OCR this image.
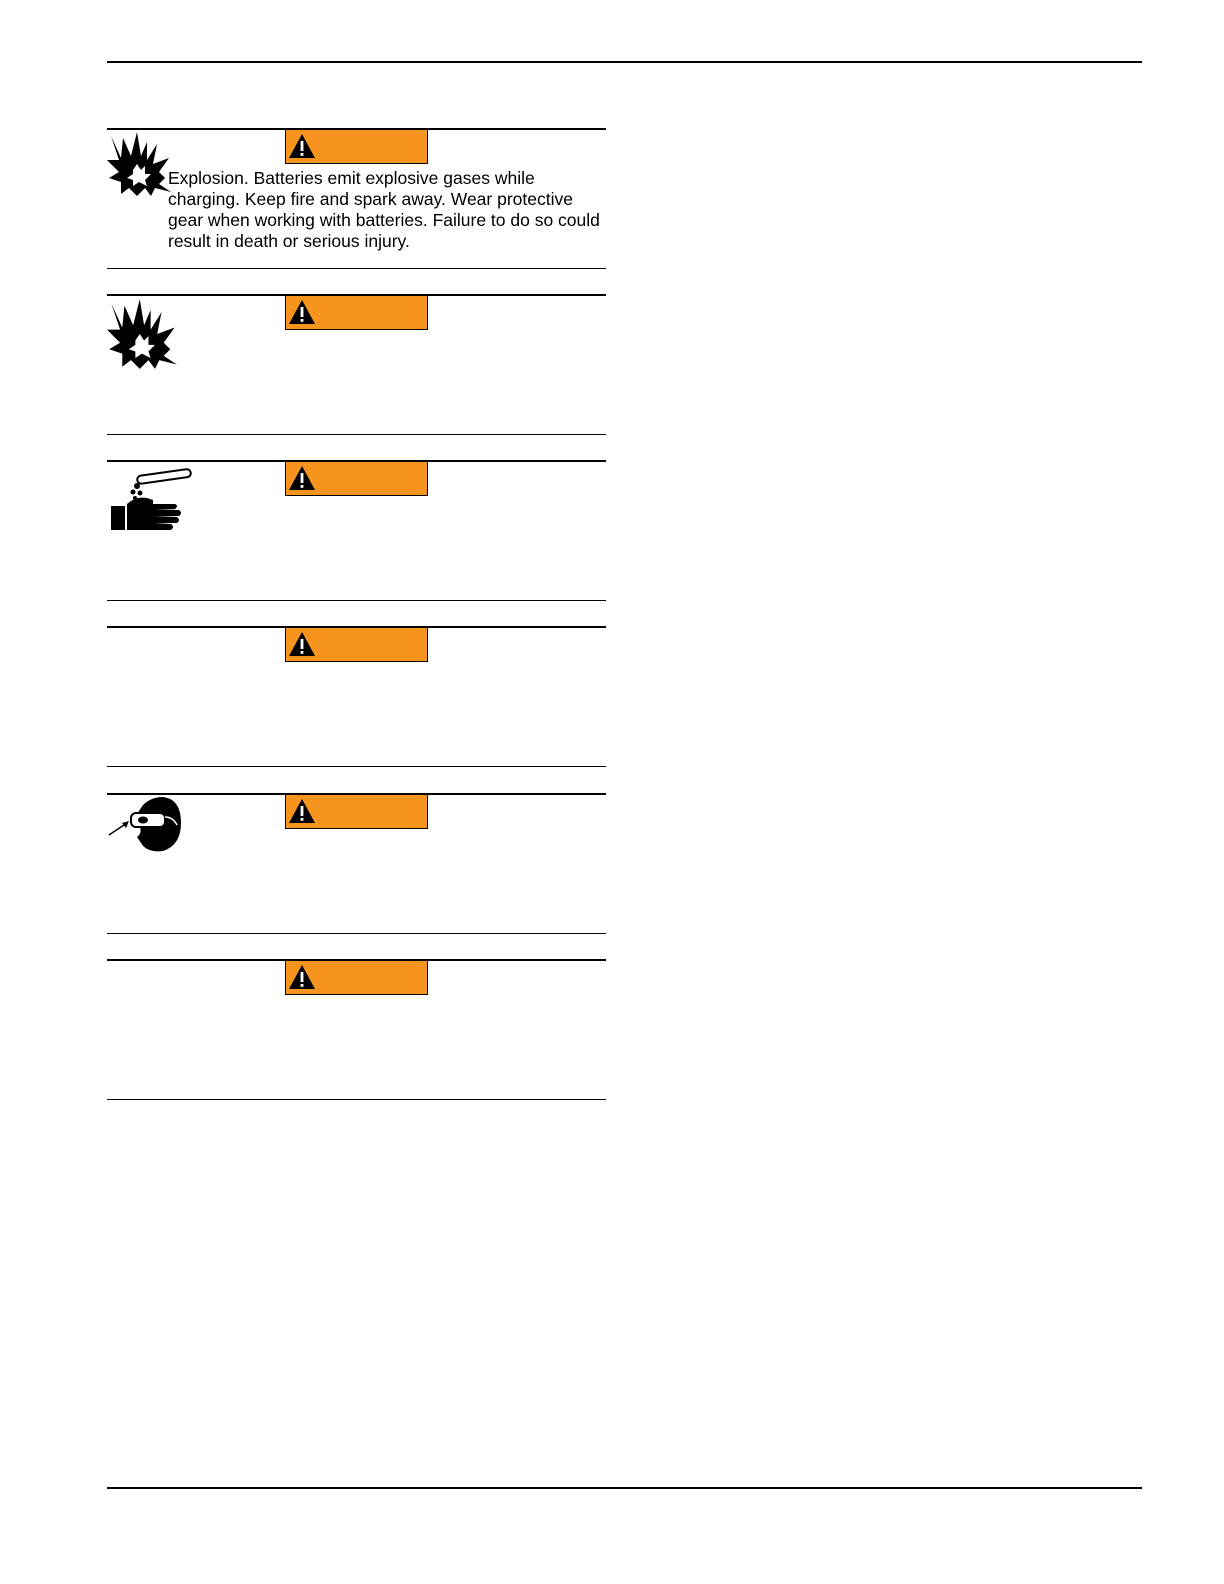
Explosion. Batteries emit explosive gases while charging. Keep fire and spark away. Wear protective gear when working with batteries. Failure to do so could result in death or serious injury.
